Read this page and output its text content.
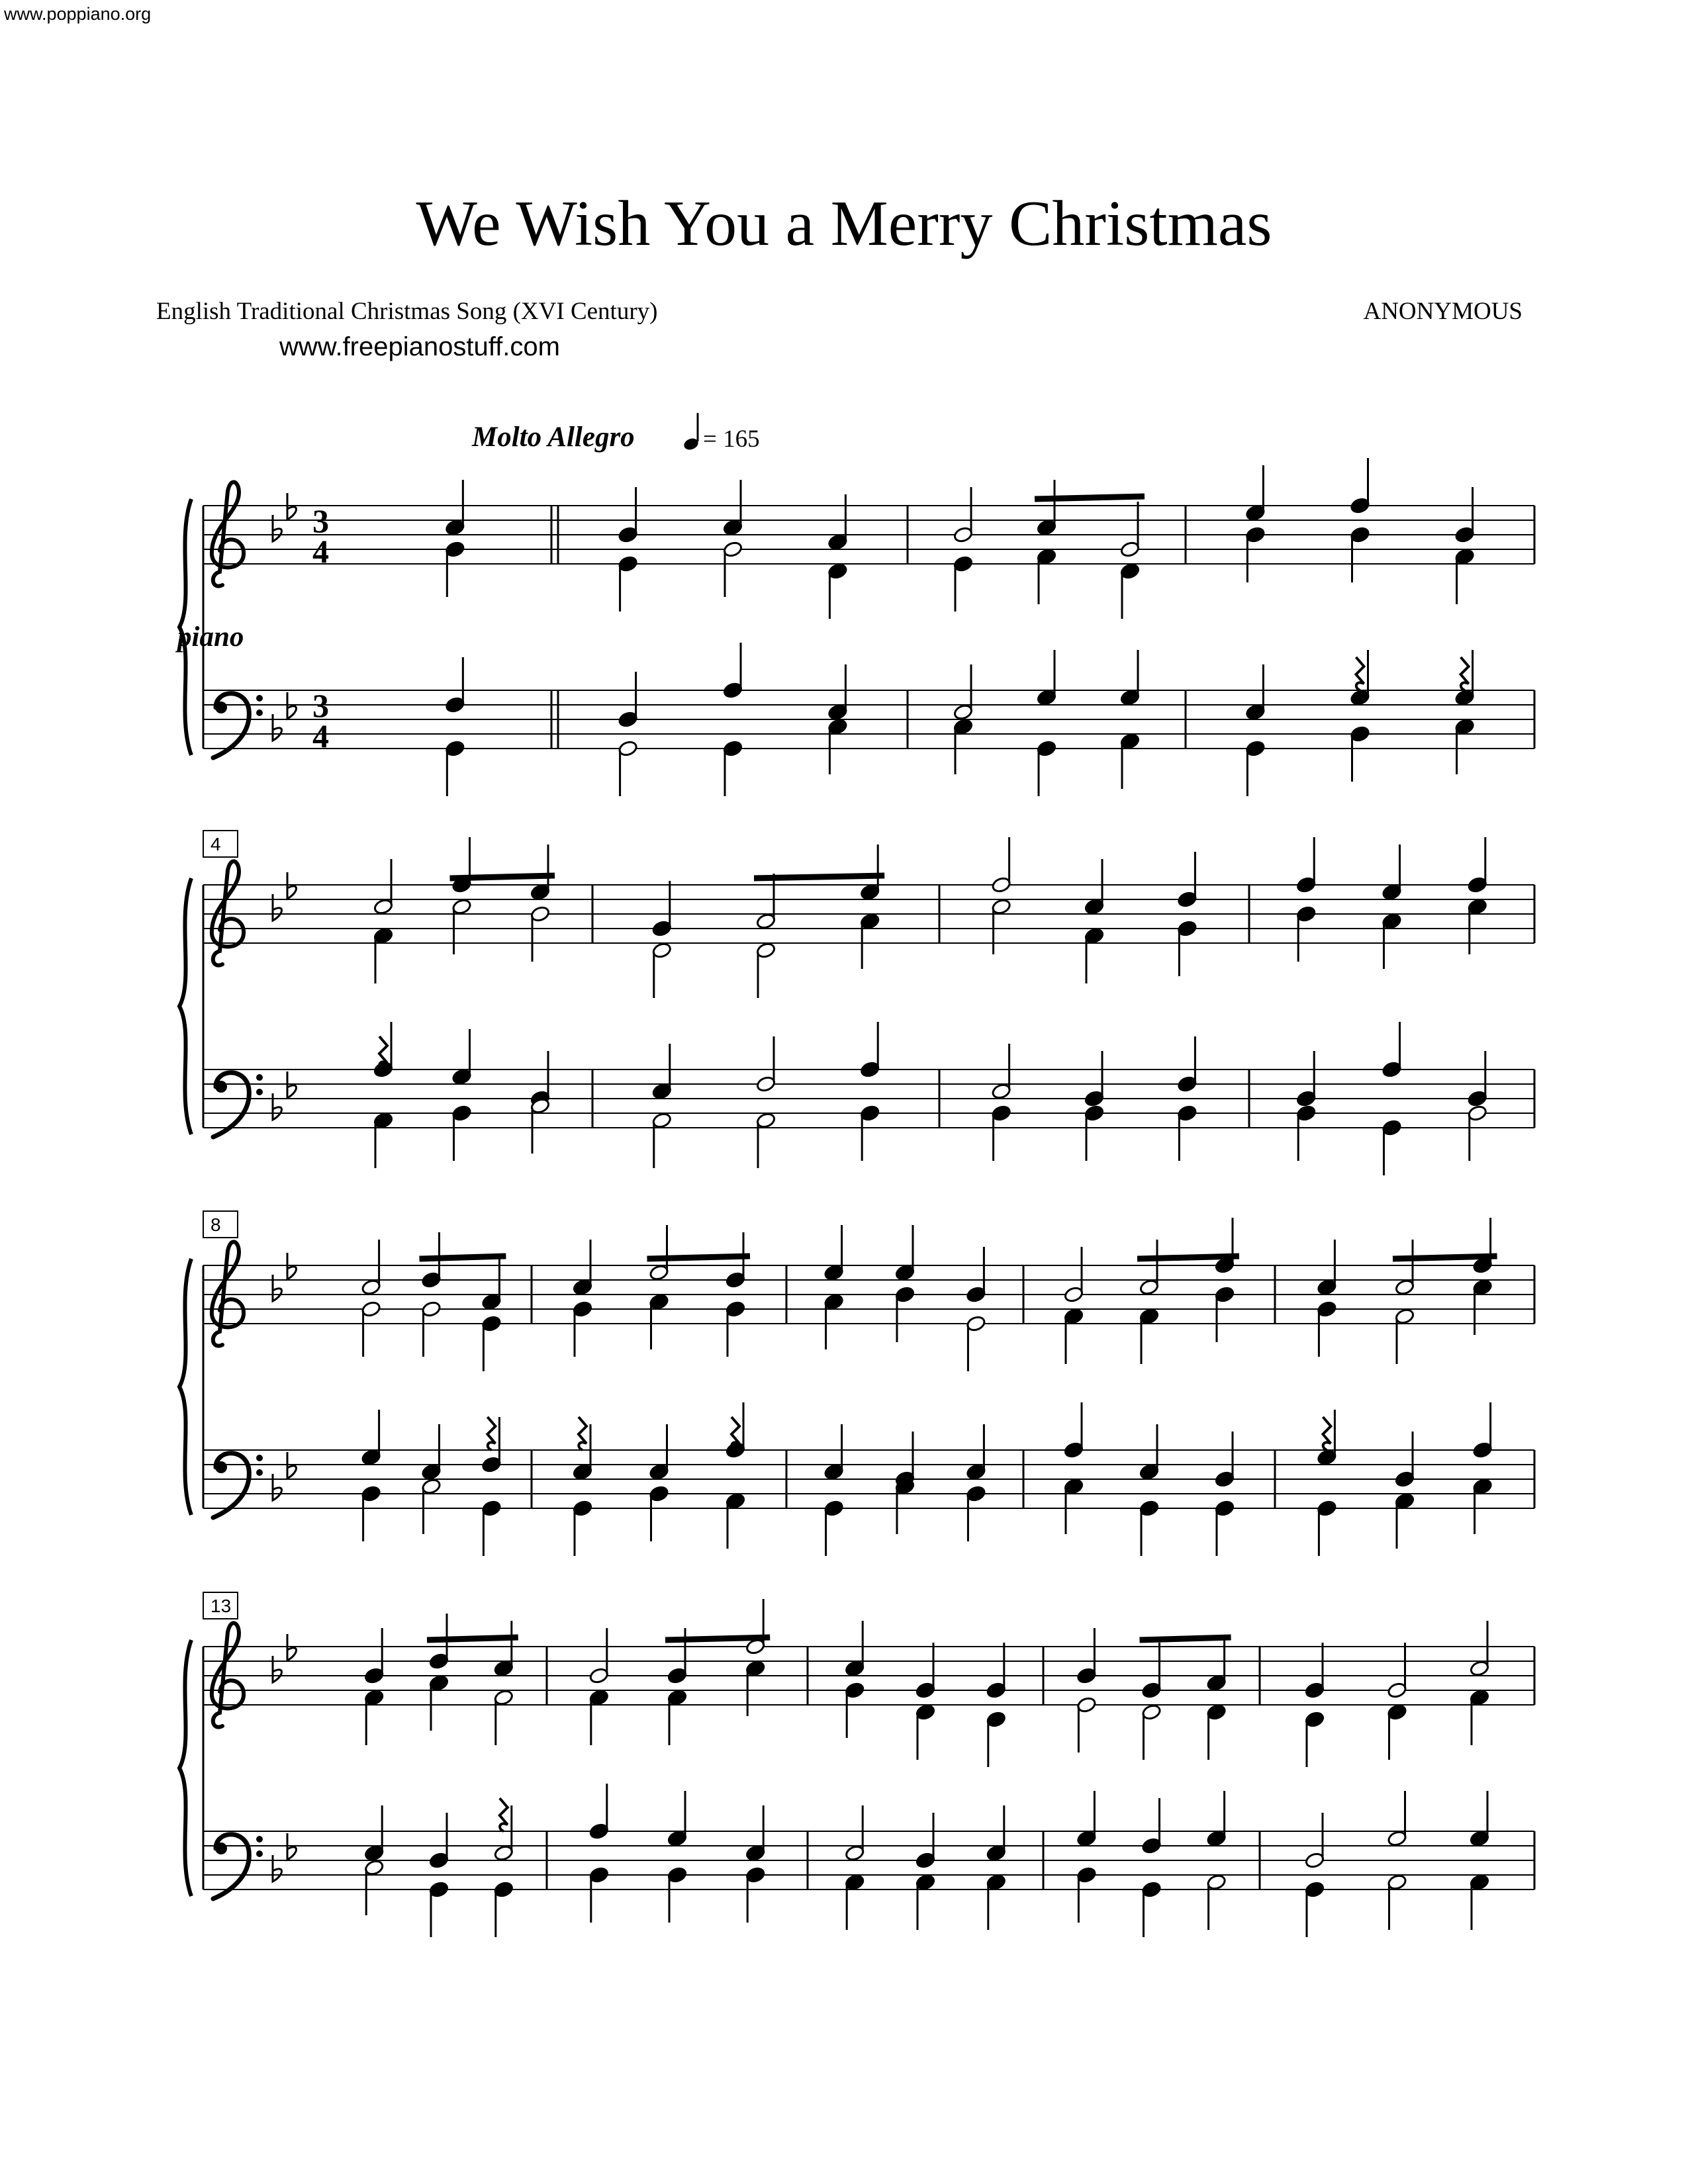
www.poppiano.org
We Wish You a Merry Christmas
English Traditional Christmas Song (XVI Century)
www.freepianostuff.com
ANONYMOUS
Molto Allegro	= 165
piano
3
4
3
4
4
8
13
